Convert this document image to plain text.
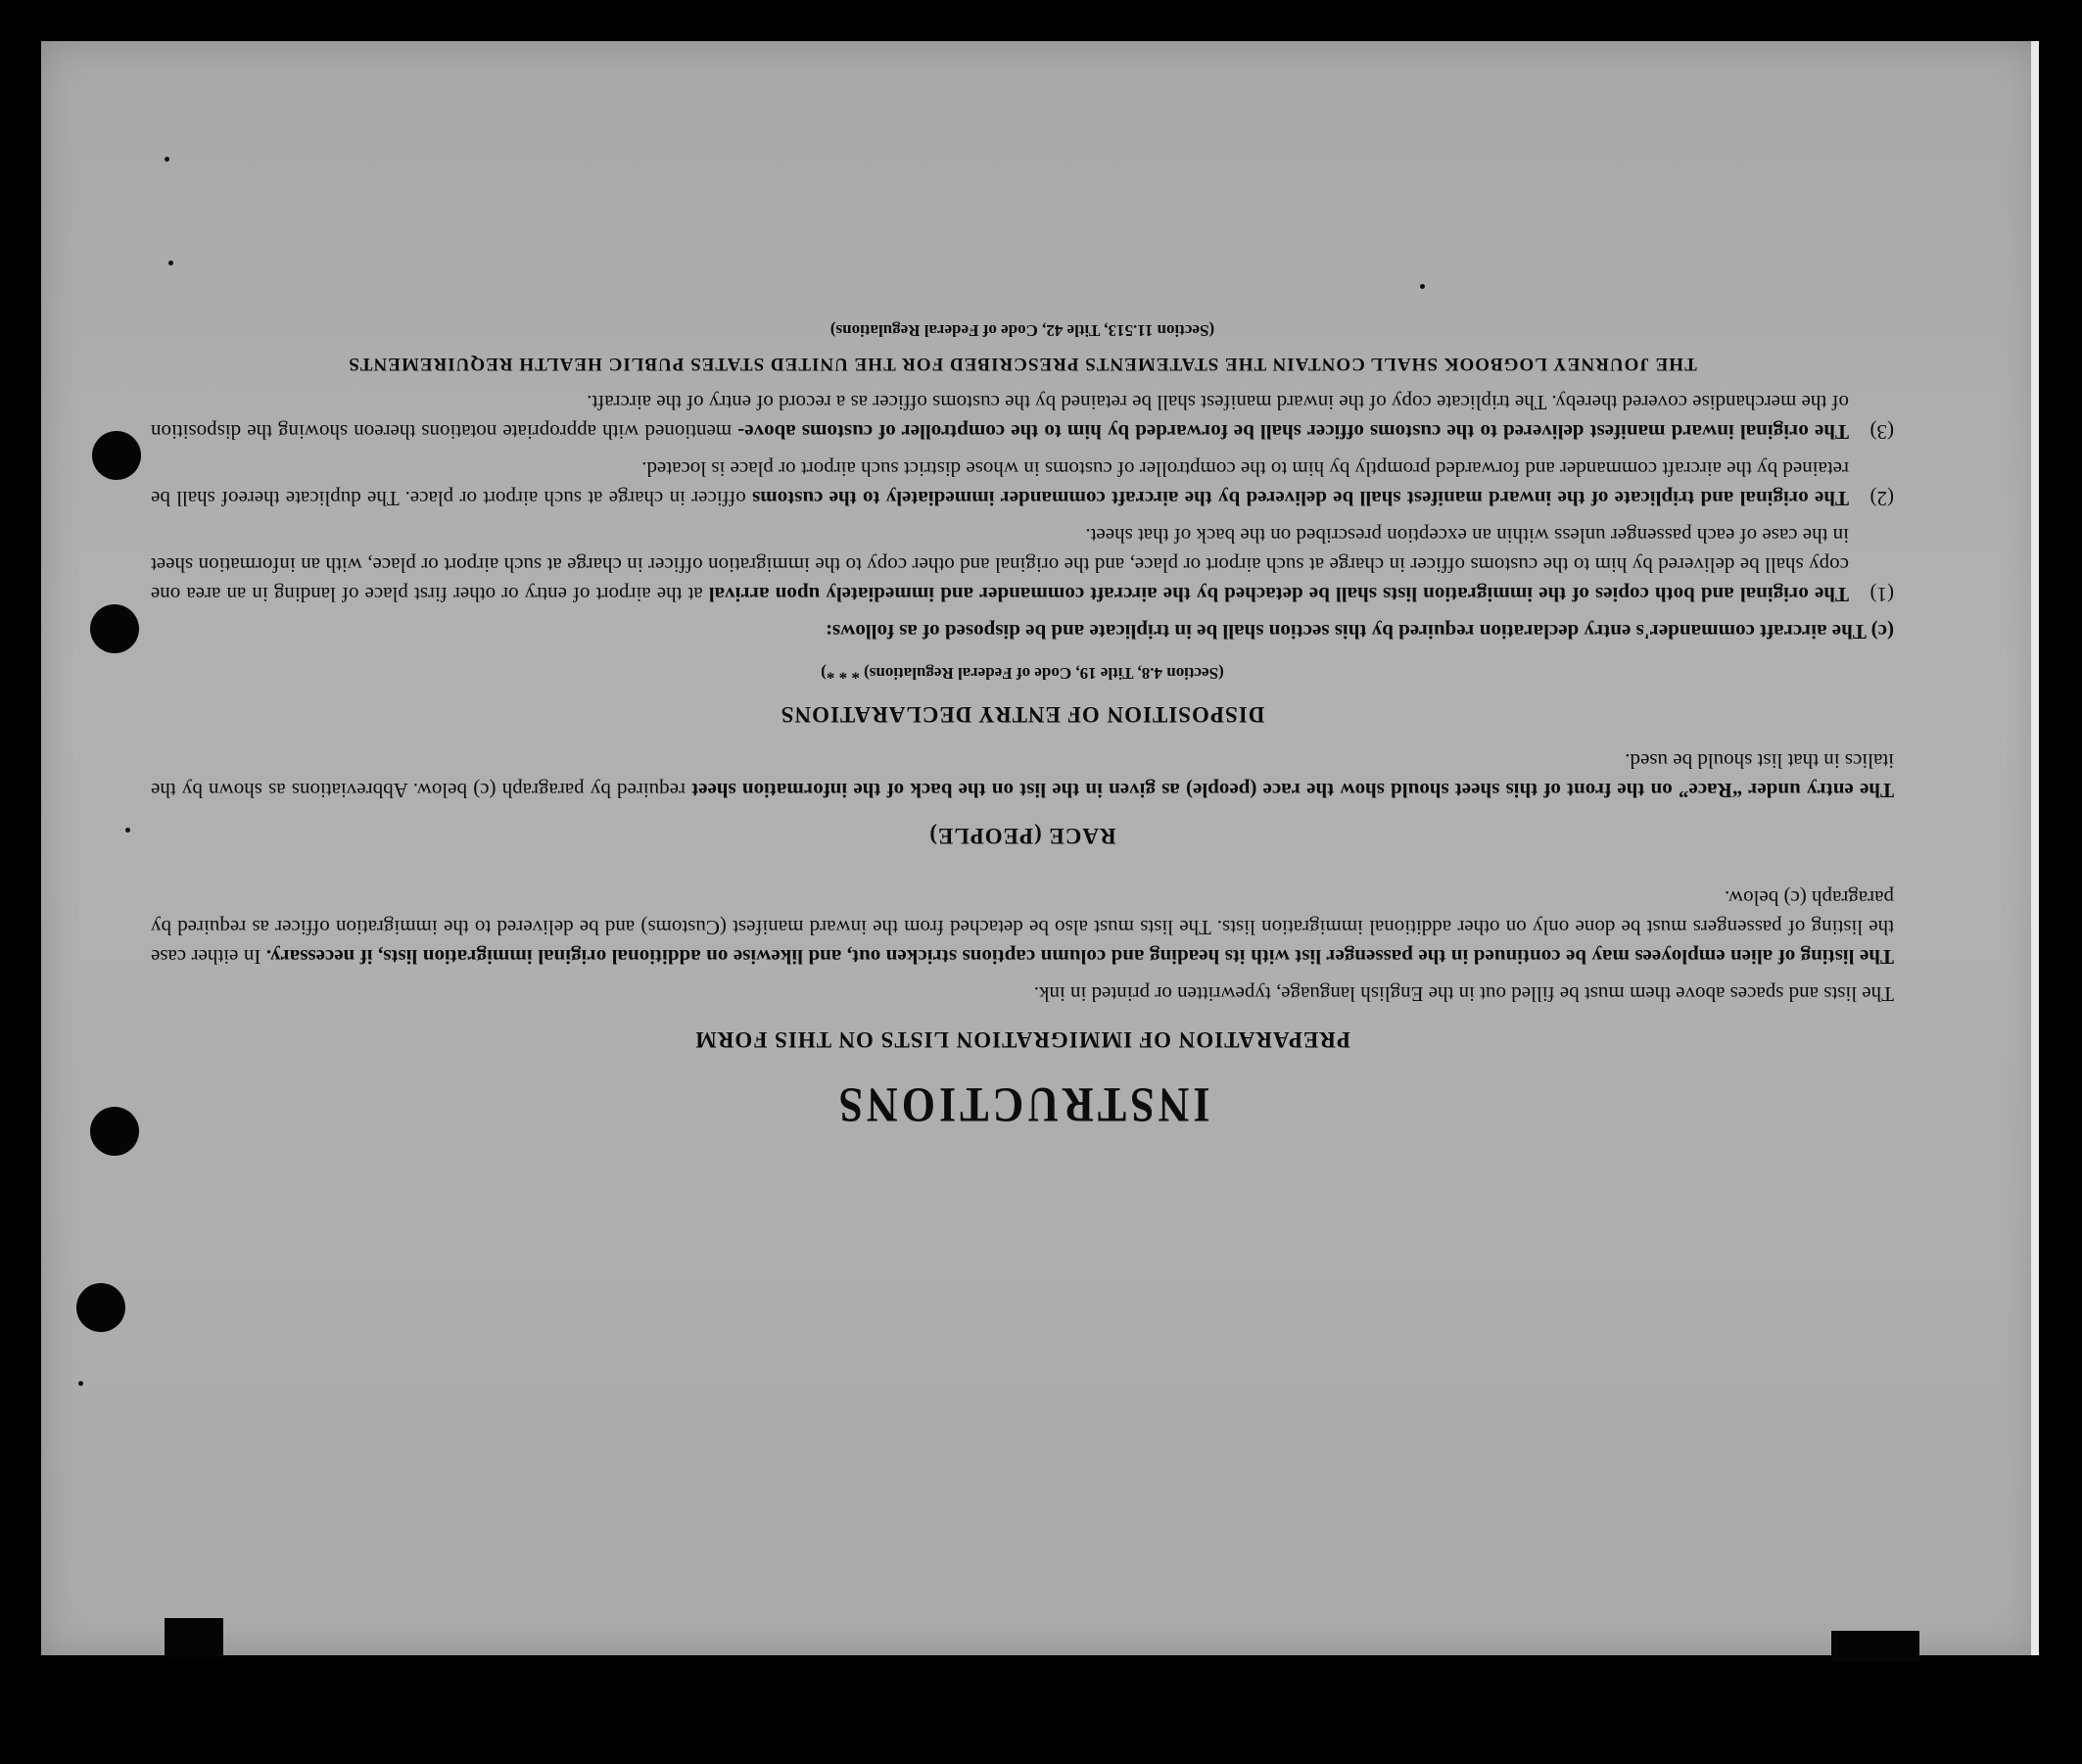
INSTRUCTIONS
PREPARATION OF IMMIGRATION LISTS ON THIS FORM

The lists and spaces above them must be filled out in the English language, typewritten or printed in ink.

The listing of alien employees may be continued in the passenger list with its heading and column captions stricken out, and likewise on additional original immigration lists, if necessary. In either case the listing of passengers must be done only on other additional immigration lists. The lists must also be detached from the inward manifest (Customs) and be delivered to the immigration officer as required by paragraph (c) below.

RACE (PEOPLE)

The entry under “Race” on the front of this sheet should show the race (people) as given in the list on the back of the information sheet required by paragraph (c) below. Abbreviations as shown by the italics in that list should be used.

DISPOSITION OF ENTRY DECLARATIONS
(Section 4.8, Title 19, Code of Federal Regulations) * * *)

(c) The aircraft commander's entry declaration required by this section shall be in triplicate and be disposed of as follows:

(1)
The original and both copies of the immigration lists shall be detached by the aircraft commander and immediately upon arrival at the airport of entry or other first place of landing in an area one copy shall be delivered by him to the customs officer in charge at such airport or place, and the original and other copy to the immigration officer in charge at such airport or place, with an information sheet in the case of each passenger unless within an exception prescribed on the back of that sheet.
(2)
The original and triplicate of the inward manifest shall be delivered by the aircraft commander immediately to the customs officer in charge at such airport or place. The duplicate thereof shall be retained by the aircraft commander and forwarded promptly by him to the comptroller of customs in whose district such airport or place is located.
(3)
The original inward manifest delivered to the customs officer shall be forwarded by him to the comptroller of customs above- mentioned with appropriate notations thereon showing the disposition of the merchandise covered thereby. The triplicate copy of the inward manifest shall be retained by the customs officer as a record of entry of the aircraft.
THE JOURNEY LOGBOOK SHALL CONTAIN THE STATEMENTS PRESCRIBED FOR THE UNITED STATES PUBLIC HEALTH REQUIREMENTS
(Section 11.513, Title 42, Code of Federal Regulations)
